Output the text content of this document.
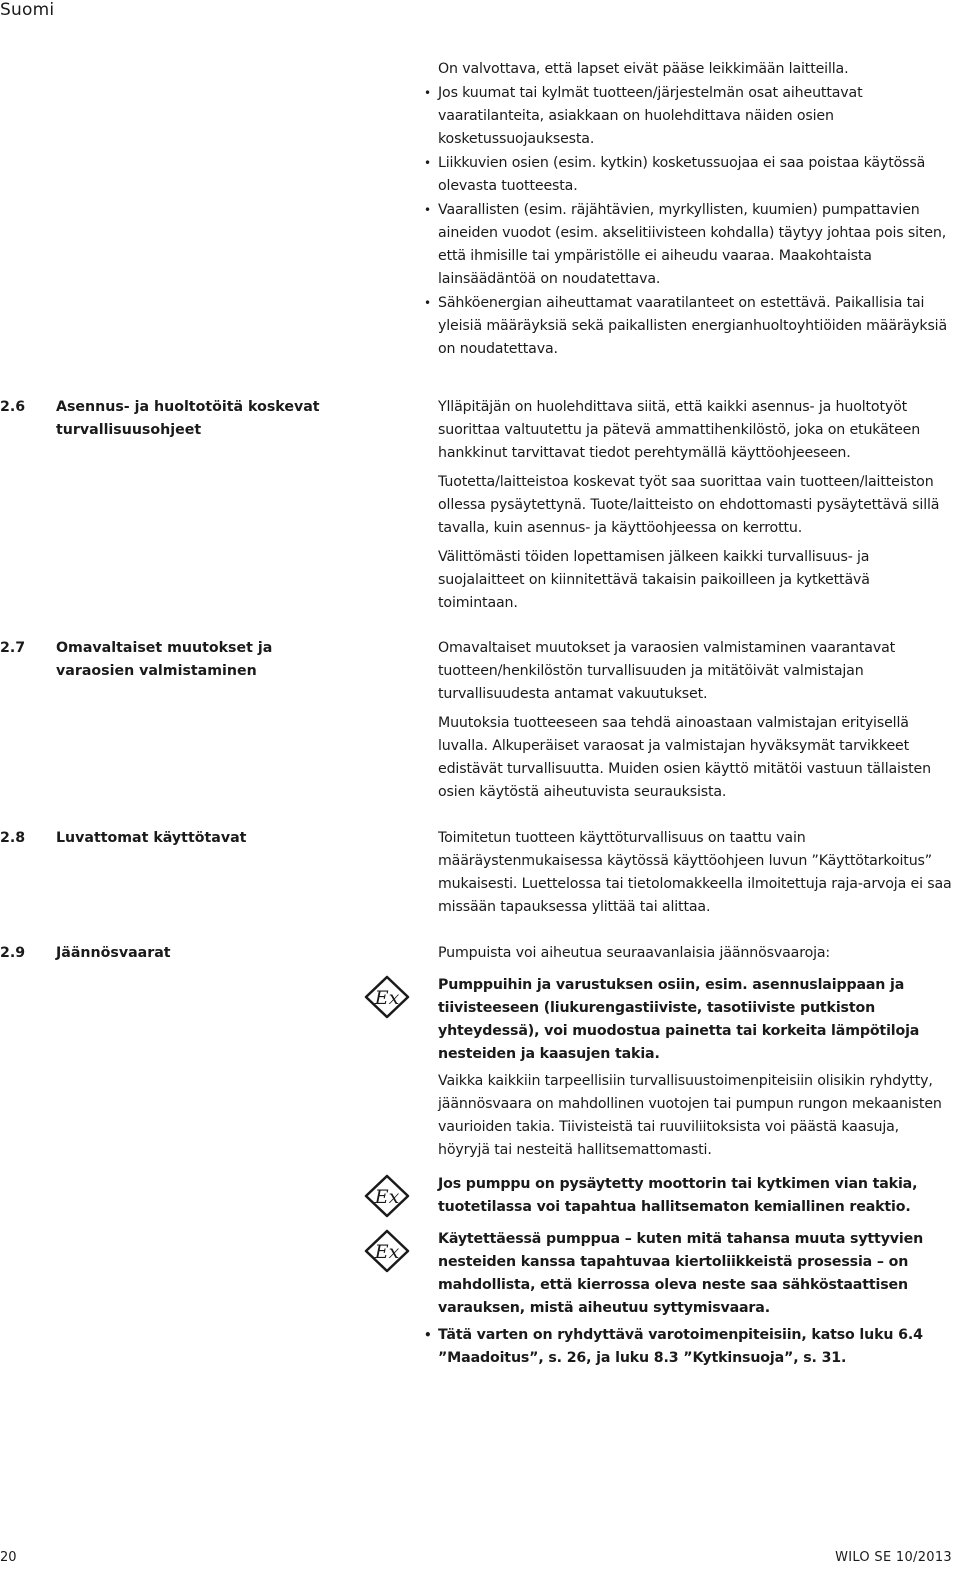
Suomi
On valvottava, että lapset eivät pääse leikkimään laitteilla.
• Jos kuumat tai kylmät tuotteen/järjestelmän osat aiheuttavat vaaratilanteita, asiakkaan on huolehdittava näiden osien kosketussuojauksesta.
• Liikkuvien osien (esim. kytkin) kosketussuojaa ei saa poistaa käytössä olevasta tuotteesta.
• Vaarallisten (esim. räjähtävien, myrkyllisten, kuumien) pumpattavien aineiden vuodot (esim. akselitiivisteen kohdalla) täytyy johtaa pois siten, että ihmisille tai ympäristölle ei aiheudu vaaraa. Maakohtaista lainsäädäntöä on noudatettava.
• Sähköenergian aiheuttamat vaaratilanteet on estettävä. Paikallisia tai yleisiä määräyksiä sekä paikallisten energianhuoltoyhtiöiden määräyksiä on noudatettava.
2.6	Asennus- ja huoltotöitä koskevat turvallisuusohjeet

Ylläpitäjän on huolehdittava siitä, että kaikki asennus- ja huoltotyöt suorittaa valtuutettu ja pätevä ammattihenkilöstö, joka on etukäteen hankkinut tarvittavat tiedot perehtymällä käyttöohjeeseen.

Tuotetta/laitteistoa koskevat työt saa suorittaa vain tuotteen/laitteiston ollessa pysäytettynä. Tuote/laitteisto on ehdottomasti pysäytettävä sillä tavalla, kuin asennus- ja käyttöohjeessa on kerrottu.

Välittömästi töiden lopettamisen jälkeen kaikki turvallisuus- ja suojalaitteet on kiinnitettävä takaisin paikoilleen ja kytkettävä toimintaan.

2.7	Omavaltaiset muutokset ja varaosien valmistaminen

Omavaltaiset muutokset ja varaosien valmistaminen vaarantavat tuotteen/henkilöstön turvallisuuden ja mitätöivät valmistajan turvallisuudesta antamat vakuutukset.

Muutoksia tuotteeseen saa tehdä ainoastaan valmistajan erityisellä luvalla. Alkuperäiset varaosat ja valmistajan hyväksymät tarvikkeet edistävät turvallisuutta. Muiden osien käyttö mitätöi vastuun tällaisten osien käytöstä aiheutuvista seurauksista.

2.8	Luvattomat käyttötavat	Toimitetun tuotteen käyttöturvallisuus on taattu vain määräystenmukaisessa käytössä käyttöohjeen luvun ”Käyttötarkoitus” mukaisesti. Luettelossa tai tietolomakkeella ilmoitettuja raja-arvoja ei saa missään tapauksessa ylittää tai alittaa.

2.9	Jäännösvaarat	Pumpuista voi aiheutua seuraavanlaisia jäännösvaaroja:
Pumppuihin ja varustuksen osiin, esim. asennuslaippaan ja tiivisteeseen (liukurengastiiviste, tasotiiviste putkiston yhteydessä), voi muodostua painetta tai korkeita lämpötiloja nesteiden ja kaasujen takia.
Vaikka kaikkiin tarpeellisiin turvallisuustoimenpiteisiin olisikin ryhdytty, jäännösvaara on mahdollinen vuotojen tai pumpun rungon mekaanisten vaurioiden takia. Tiivisteistä tai ruuviliitoksista voi päästä kaasuja, höyryjä tai nesteitä hallitsemattomasti.
Jos pumppu on pysäytetty moottorin tai kytkimen vian takia, tuotetilassa voi tapahtua hallitsematon kemiallinen reaktio.
Käytettäessä pumppua – kuten mitä tahansa muuta syttyvien nesteiden kanssa tapahtuvaa kiertoliikkeistä prosessia – on mahdollista, että kierrossa oleva neste saa sähköstaattisen varauksen, mistä aiheutuu syttymisvaara.
• Tätä varten on ryhdyttävä varotoimenpiteisiin, katso luku 6.4 ”Maadoitus”, s. 26, ja luku 8.3 ”Kytkinsuoja”, s. 31.
Ex
Ex
Ex
20	WILO SE 10/2013
